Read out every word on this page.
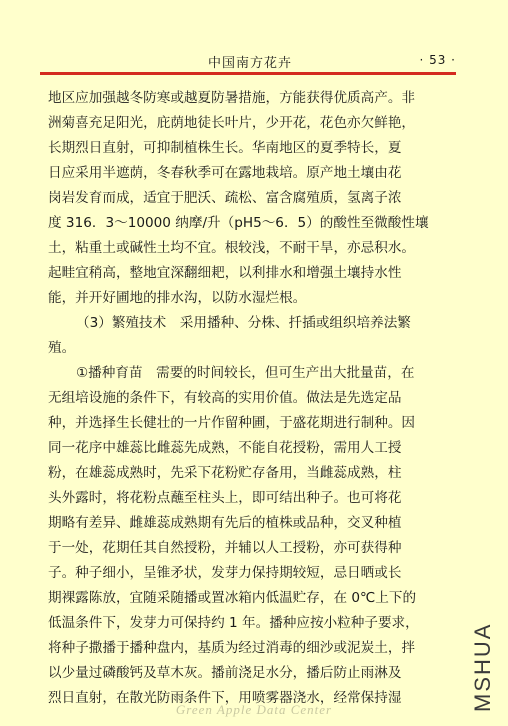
中国南方花卉	· 53 ·
地区应加强越冬防寒或越夏防暑措施，方能获得优质高产。非
洲菊喜充足阳光，庇荫地徒长叶片，少开花，花色亦欠鲜艳，
长期烈日直射，可抑制植株生长。华南地区的夏季特长，夏
日应采用半遮荫，冬春秋季可在露地栽培。原产地土壤由花
岗岩发育而成，适宜于肥沃、疏松、富含腐殖质，氢离子浓
度 316．3～10000 纳摩/升（pH5～6．5）的酸性至微酸性壤
土，粘重土或碱性土均不宜。根较浅，不耐干旱，亦忌积水。
起畦宜稍高，整地宜深翻细耙，以利排水和增强土壤持水性
能，并开好圃地的排水沟，以防水湿烂根。
（3）繁殖技术　采用播种、分株、扦插或组织培养法繁
殖。
①播种育苗　需要的时间较长，但可生产出大批量苗，在
无组培设施的条件下，有较高的实用价值。做法是先选定品
种，并选择生长健壮的一片作留种圃，于盛花期进行制种。因
同一花序中雄蕊比雌蕊先成熟，不能自花授粉，需用人工授
粉，在雄蕊成熟时，先采下花粉贮存备用，当雌蕊成熟，柱
头外露时，将花粉点蘸至柱头上，即可结出种子。也可将花
期略有差异、雌雄蕊成熟期有先后的植株或品种，交叉种植
于一处，花期任其自然授粉，并辅以人工授粉，亦可获得种
子。种子细小，呈锥矛状，发芽力保持期较短，忌日晒或长
期裸露陈放，宜随采随播或置冰箱内低温贮存，在 0℃上下的
低温条件下，发芽力可保持约 1 年。播种应按小粒种子要求，
将种子撒播于播种盘内，基质为经过消毒的细沙或泥炭土，拌
以少量过磷酸钙及草木灰。播前浇足水分，播后防止雨淋及
烈日直射，在散光防雨条件下，用喷雾器浇水，经常保持湿	MSHUA
Green Apple Data Center
